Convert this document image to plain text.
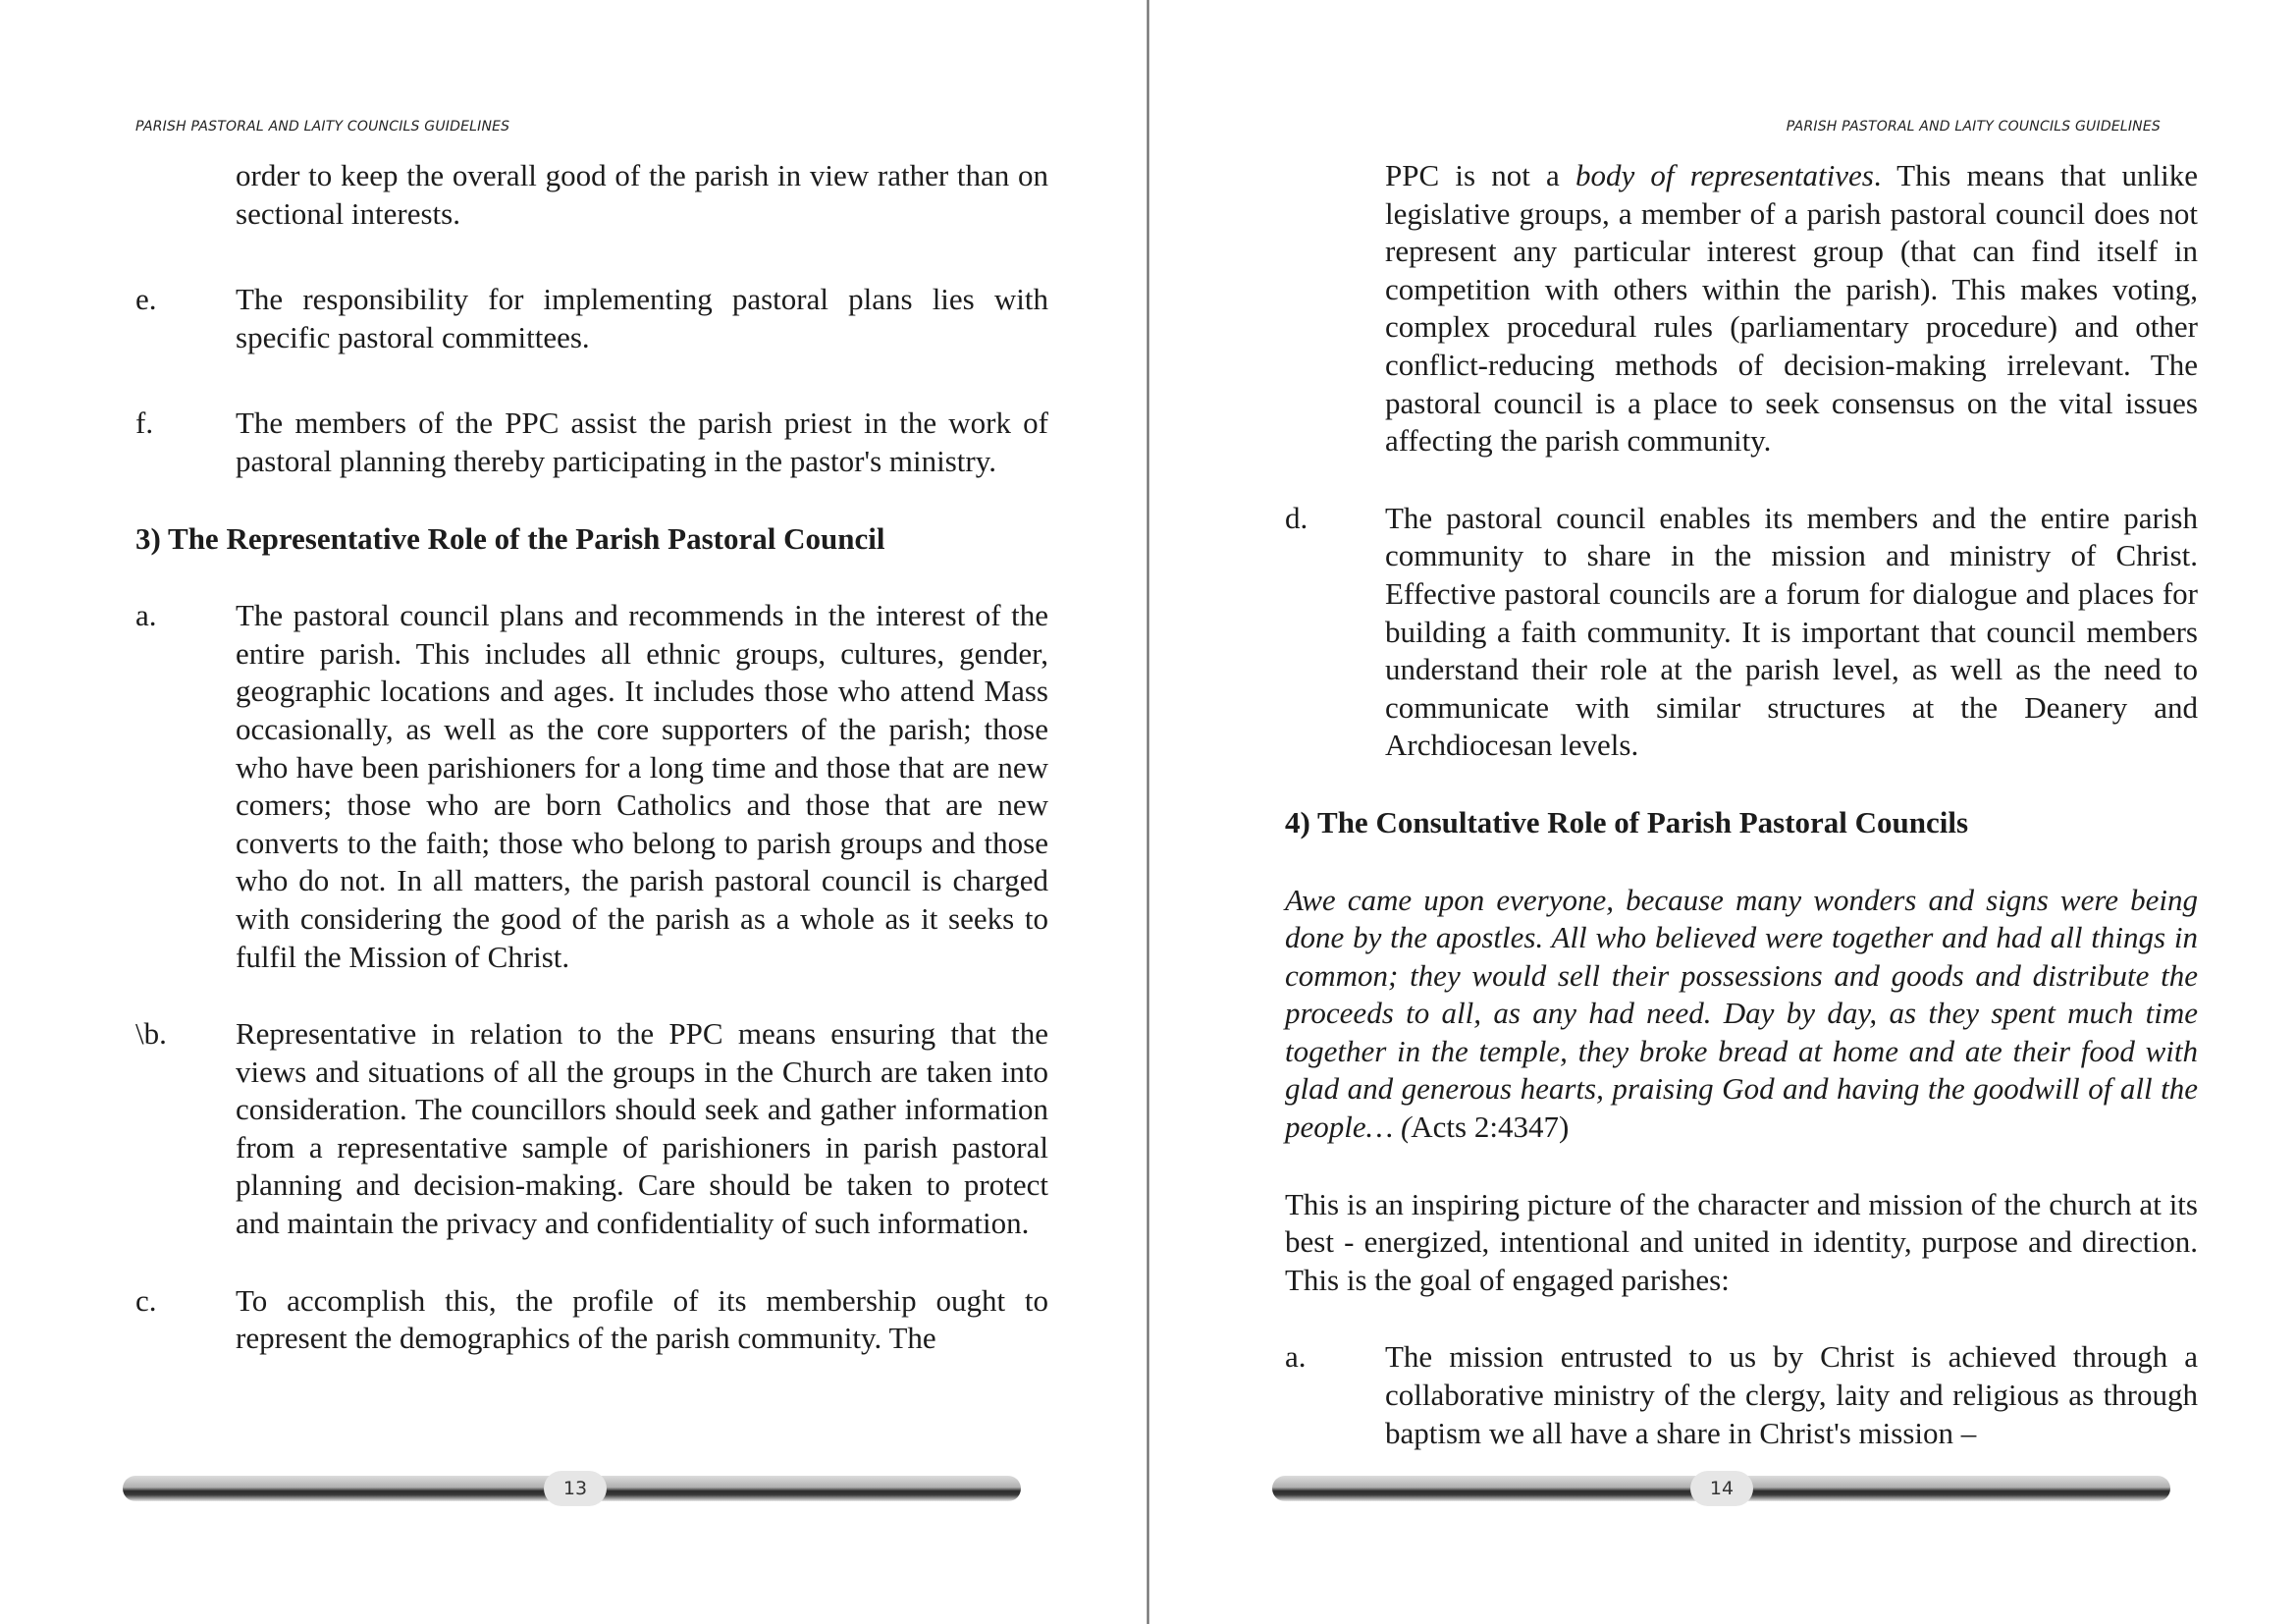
PARISH PASTORAL AND LAITY COUNCILS GUIDELINES
order to keep the overall good of the parish in view rather than on sectional interests.
e.	The responsibility for implementing pastoral plans lies with specific pastoral committees.
f.	The members of the PPC assist the parish priest in the work of pastoral planning thereby participating in the pastor's ministry.
3) The Representative Role of the Parish Pastoral Council
a.	The pastoral council plans and recommends in the interest of the entire parish. This includes all ethnic groups, cultures, gender, geographic locations and ages. It includes those who attend Mass occasionally, as well as the core supporters of the parish; those who have been parishioners for a long time and those that are new comers; those who are born Catholics and those that are new converts to the faith; those who belong to parish groups and those who do not. In all matters, the parish pastoral council is charged with considering the good of the parish as a whole as it seeks to fulfil the Mission of Christ.
\b. Representative in relation to the PPC means ensuring that the views and situations of all the groups in the Church are taken into consideration. The councillors should seek and gather information from a representative sample of parishioners in parish pastoral planning and decision-making. Care should be taken to protect and maintain the privacy and confidentiality of such information.
c.	To accomplish this, the profile of its membership ought to represent the demographics of the parish community. The
13
PARISH PASTORAL AND LAITY COUNCILS GUIDELINES
PPC is not a body of representatives. This means that unlike legislative groups, a member of a parish pastoral council does not represent any particular interest group (that can find itself in competition with others within the parish). This makes voting, complex procedural rules (parliamentary procedure) and other conflict-reducing methods of decision-making irrelevant. The pastoral council is a place to seek consensus on the vital issues affecting the parish community.
d.	The pastoral council enables its members and the entire parish community to share in the mission and ministry of Christ. Effective pastoral councils are a forum for dialogue and places for building a faith community. It is important that council members understand their role at the parish level, as well as the need to communicate with similar structures at the Deanery and Archdiocesan levels.
4) The Consultative Role of Parish Pastoral Councils
Awe came upon everyone, because many wonders and signs were being done by the apostles. All who believed were together and had all things in common; they would sell their possessions and goods and distribute the proceeds to all, as any had need. Day by day, as they spent much time together in the temple, they broke bread at home and ate their food with glad and generous hearts, praising God and having the goodwill of all the people… (Acts 2:4347)
This is an inspiring picture of the character and mission of the church at its best - energized, intentional and united in identity, purpose and direction. This is the goal of engaged parishes:
a.	The mission entrusted to us by Christ is achieved through a collaborative ministry of the clergy, laity and religious as through baptism we all have a share in Christ's mission –
14
